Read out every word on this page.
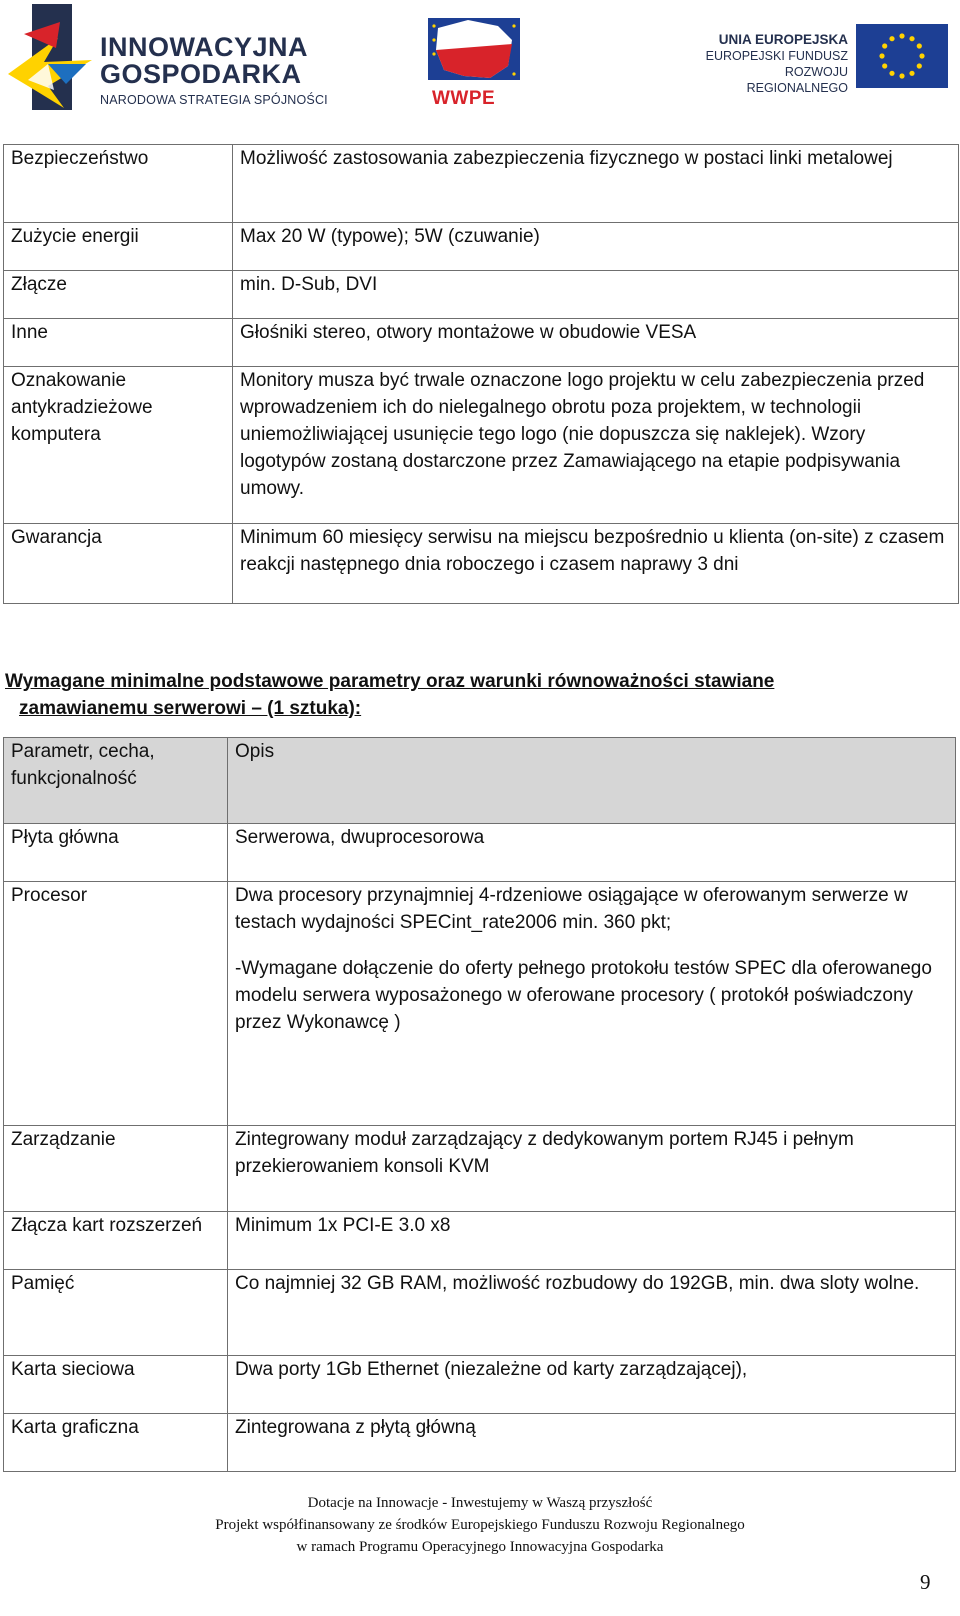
INNOWACYJNA
GOSPODARKA
NARODOWA STRATEGIA SPÓJNOŚCI	WWPE
UNIA EUROPEJSKA
EUROPEJSKI FUNDUSZ
ROZWOJU REGIONALNEGO
Bezpieczeństwo	Możliwość zastosowania zabezpieczenia fizycznego w postaci linki metalowej
Zużycie energii	Max 20 W (typowe); 5W (czuwanie)
Złącze	min. D-Sub, DVI
Inne	Głośniki stereo, otwory montażowe w obudowie VESA
Oznakowanie antykradzieżowe komputera	Monitory musza być trwale oznaczone logo projektu w celu zabezpieczenia przed wprowadzeniem ich do nielegalnego obrotu poza projektem, w technologii uniemożliwiającej usunięcie tego logo (nie dopuszcza się naklejek). Wzory logotypów zostaną dostarczone przez Zamawiającego na etapie podpisywania umowy.
Gwarancja	Minimum 60 miesięcy serwisu na miejscu bezpośrednio u klienta (on-site) z czasem reakcji następnego dnia roboczego i czasem naprawy 3 dni
Wymagane minimalne podstawowe parametry oraz warunki równoważności stawiane
zamawianemu serwerowi – (1 sztuka):
Parametr, cecha, funkcjonalność	Opis
Płyta główna	Serwerowa, dwuprocesorowa
Procesor	Dwa procesory przynajmniej 4-rdzeniowe osiągające w oferowanym serwerze w testach wydajności SPECint_rate2006 min. 360 pkt;
-Wymagane dołączenie do oferty pełnego protokołu testów SPEC dla oferowanego modelu serwera wyposażonego w oferowane procesory ( protokół poświadczony przez Wykonawcę )

Zarządzanie	Zintegrowany moduł zarządzający z dedykowanym portem RJ45 i pełnym przekierowaniem konsoli KVM
Złącza kart rozszerzeń	Minimum 1x PCI-E 3.0 x8
Pamięć	Co najmniej 32 GB RAM, możliwość rozbudowy do 192GB, min. dwa sloty wolne.
Karta sieciowa	Dwa porty 1Gb Ethernet (niezależne od karty zarządzającej),
Karta graficzna	Zintegrowana z płytą główną
Dotacje na Innowacje - Inwestujemy w Waszą przyszłość
Projekt współfinansowany ze środków Europejskiego Funduszu Rozwoju Regionalnego
w ramach Programu Operacyjnego Innowacyjna Gospodarka
9
